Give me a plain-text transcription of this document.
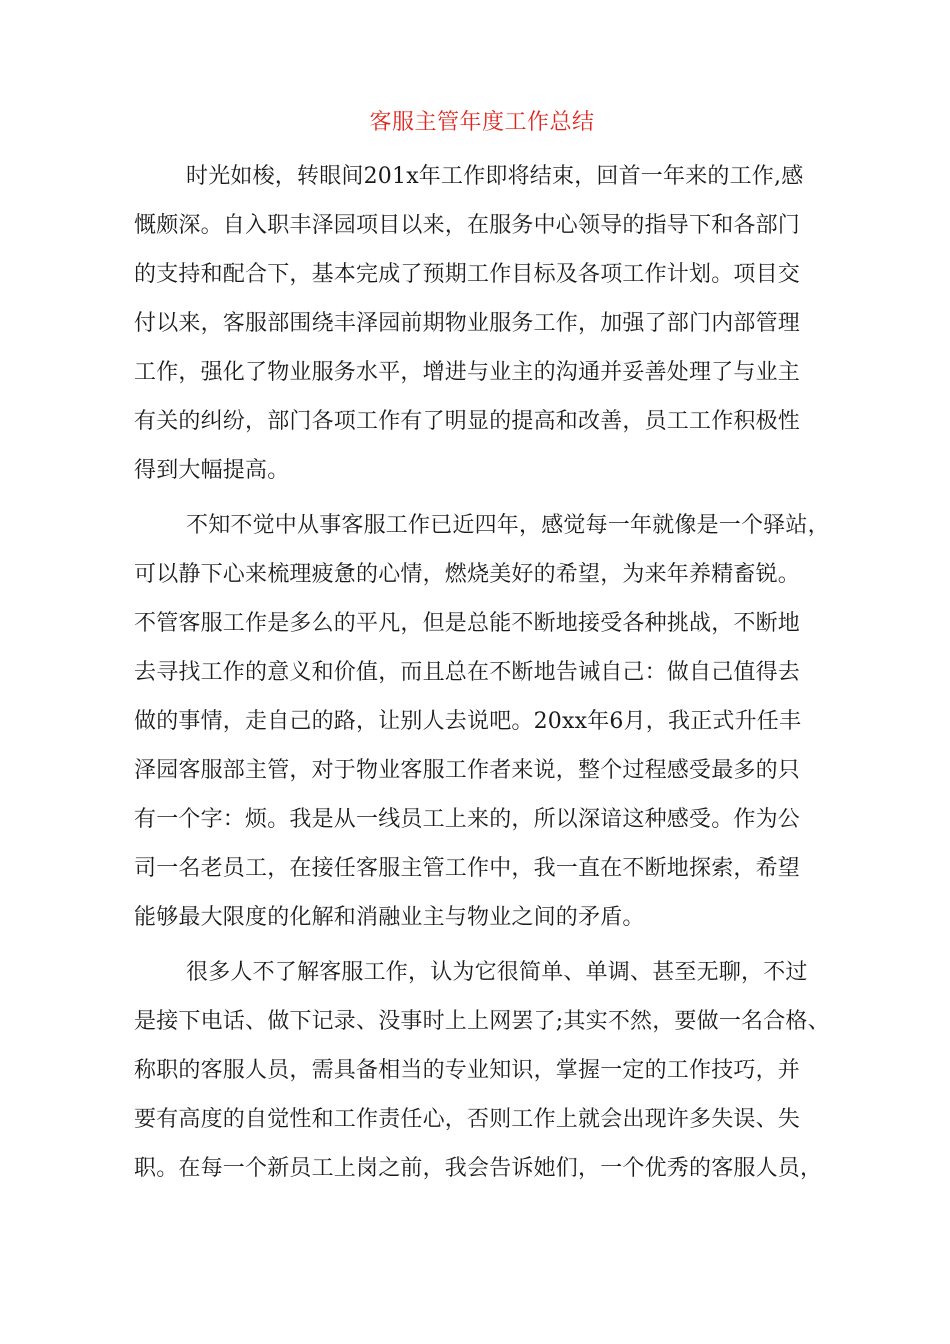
客服主管年度工作总结

时光如梭，转眼间201x年工作即将结束，回首一年来的工作,感
慨颇深。自入职丰泽园项目以来，在服务中心领导的指导下和各部门
的支持和配合下，基本完成了预期工作目标及各项工作计划。项目交
付以来，客服部围绕丰泽园前期物业服务工作，加强了部门内部管理
工作，强化了物业服务水平，增进与业主的沟通并妥善处理了与业主
有关的纠纷，部门各项工作有了明显的提高和改善，员工工作积极性
得到大幅提高。

不知不觉中从事客服工作已近四年，感觉每一年就像是一个驿站，
可以静下心来梳理疲惫的心情，燃烧美好的希望，为来年养精畜锐。
不管客服工作是多么的平凡，但是总能不断地接受各种挑战，不断地
去寻找工作的意义和价值，而且总在不断地告诫自己：做自己值得去
做的事情，走自己的路，让别人去说吧。20xx年6月，我正式升任丰
泽园客服部主管，对于物业客服工作者来说，整个过程感受最多的只
有一个字：烦。我是从一线员工上来的，所以深谙这种感受。作为公
司一名老员工，在接任客服主管工作中，我一直在不断地探索，希望
能够最大限度的化解和消融业主与物业之间的矛盾。

很多人不了解客服工作，认为它很简单、单调、甚至无聊，不过
是接下电话、做下记录、没事时上上网罢了;其实不然，要做一名合格、
称职的客服人员，需具备相当的专业知识，掌握一定的工作技巧，并
要有高度的自觉性和工作责任心，否则工作上就会出现许多失误、失
职。在每一个新员工上岗之前，我会告诉她们，一个优秀的客服人员，
